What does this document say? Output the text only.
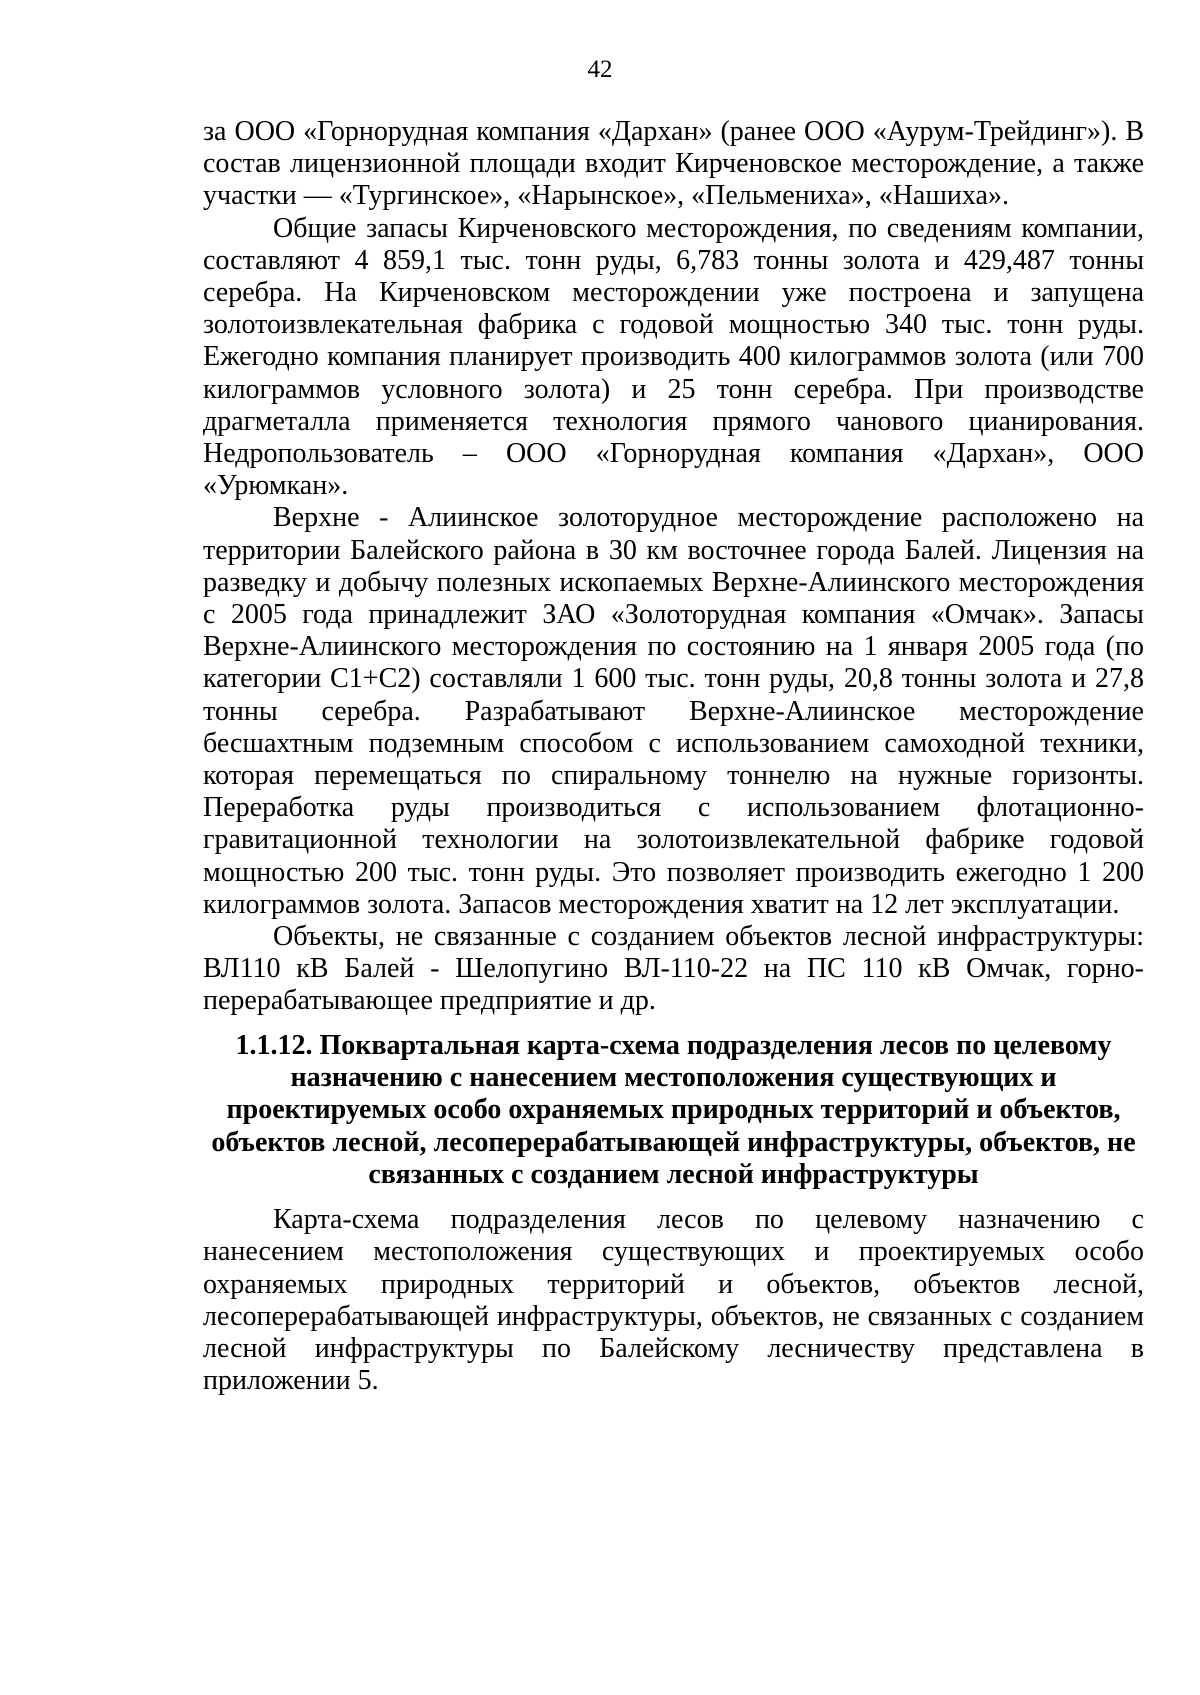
42

за ООО «Горнорудная компания «Дархан» (ранее ООО «Аурум-Трейдинг»). В состав лицензионной площади входит Кирченовское месторождение, а также участки — «Тургинское», «Нарынское», «Пельмениха», «Нашиха».

Общие запасы Кирченовского месторождения, по сведениям компании, составляют 4 859,1 тыс. тонн руды, 6,783 тонны золота и 429,487 тонны серебра. На Кирченовском месторождении уже построена и запущена золотоизвлекательная фабрика с годовой мощностью 340 тыс. тонн руды. Ежегодно компания планирует производить 400 килограммов золота (или 700 килограммов условного золота) и 25 тонн серебра. При производстве драгметалла применяется технология прямого чанового цианирования. Недропользователь – ООО «Горнорудная компания «Дархан», ООО «Урюмкан».

Верхне - Алиинское золоторудное месторождение расположено на территории Балейского района в 30 км восточнее города Балей. Лицензия на разведку и добычу полезных ископаемых Верхне-Алиинского месторождения с 2005 года принадлежит ЗАО «Золоторудная компания «Омчак». Запасы Верхне-Алиинского месторождения по состоянию на 1 января 2005 года (по категории С1+С2) составляли 1 600 тыс. тонн руды, 20,8 тонны золота и 27,8 тонны серебра. Разрабатывают Верхне-Алиинское месторождение бесшахтным подземным способом с использованием самоходной техники, которая перемещаться по спиральному тоннелю на нужные горизонты. Переработка руды производиться с использованием флотационно-гравитационной технологии на золотоизвлекательной фабрике годовой мощностью 200 тыс. тонн руды. Это позволяет производить ежегодно 1 200 килограммов золота. Запасов месторождения хватит на 12 лет эксплуатации.

Объекты, не связанные с созданием объектов лесной инфраструктуры: ВЛ110 кВ Балей - Шелопугино ВЛ-110-22 на ПС 110 кВ Омчак, горно-перерабатывающее предприятие и др.

1.1.12. Поквартальная карта-схема подразделения лесов по целевому назначению с нанесением местоположения существующих и проектируемых особо охраняемых природных территорий и объектов, объектов лесной, лесоперерабатывающей инфраструктуры, объектов, не связанных с созданием лесной инфраструктуры

Карта-схема подразделения лесов по целевому назначению с нанесением местоположения существующих и проектируемых особо охраняемых природных территорий и объектов, объектов лесной, лесоперерабатывающей инфраструктуры, объектов, не связанных с созданием лесной инфраструктуры по Балейскому лесничеству представлена в приложении 5.
